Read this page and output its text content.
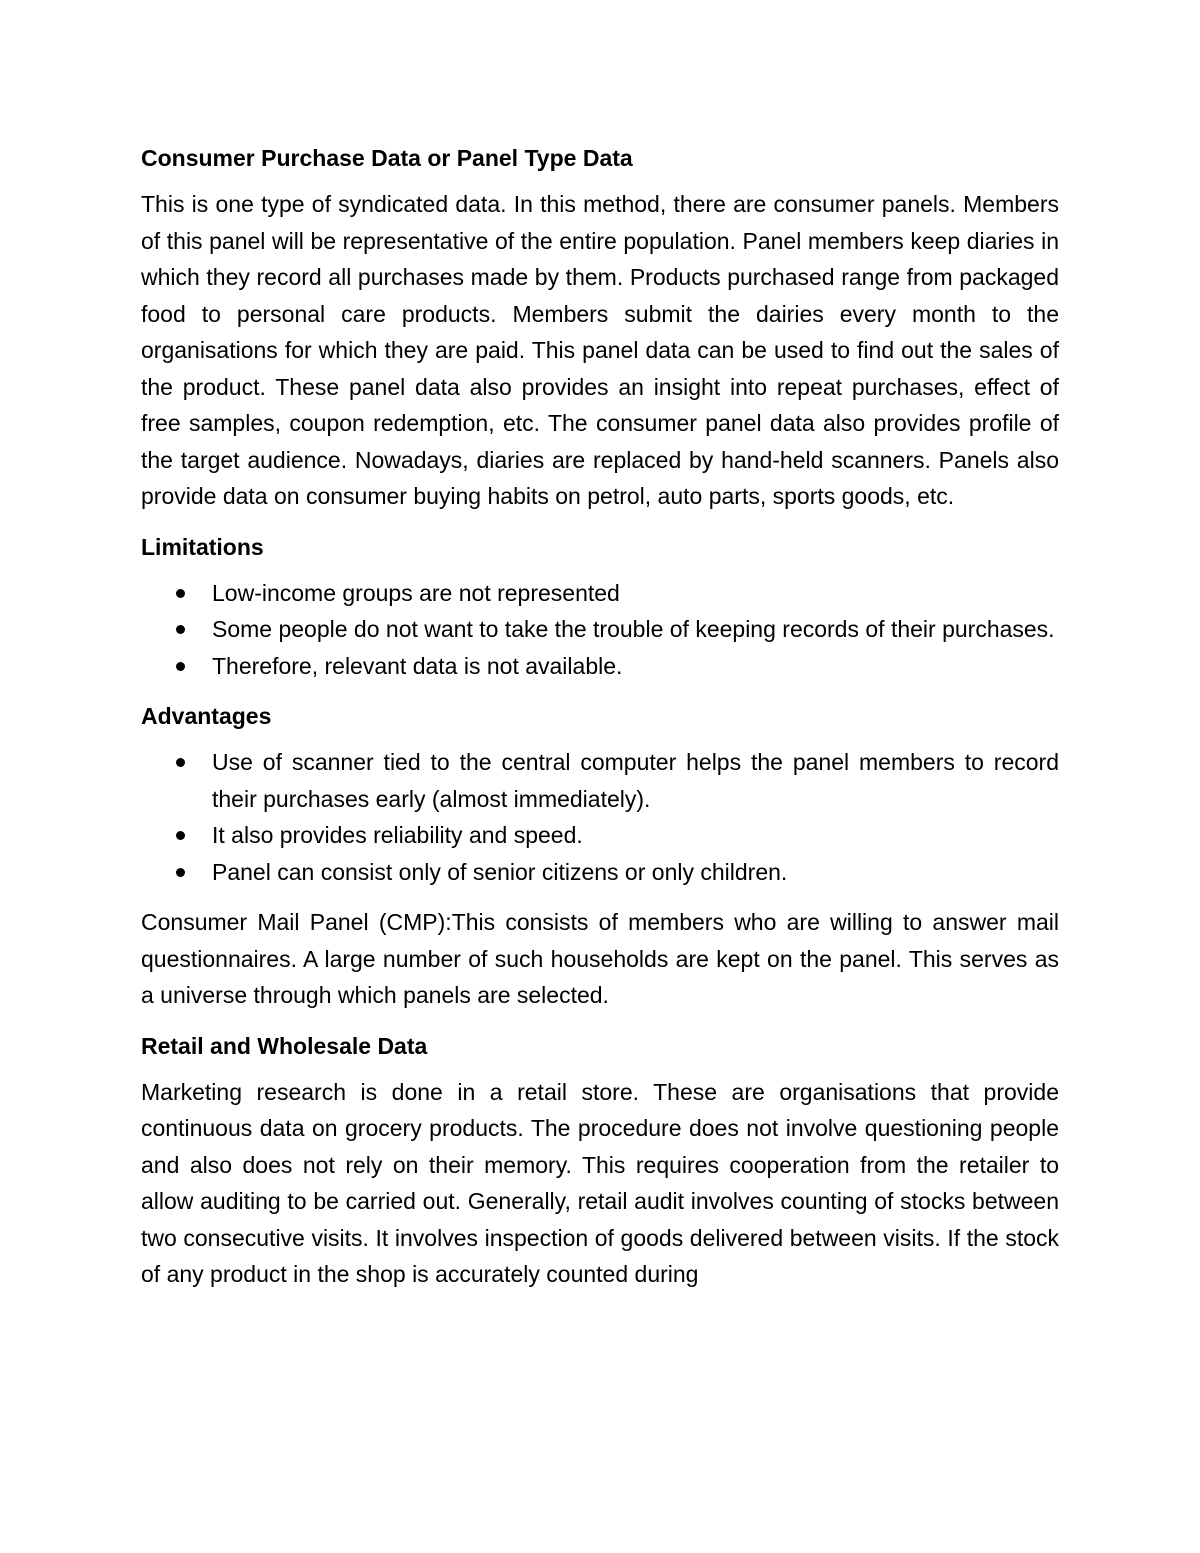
Consumer Purchase Data or Panel Type Data
This is one type of syndicated data. In this method, there are consumer panels. Members of this panel will be representative of the entire population. Panel members keep diaries in which they record all purchases made by them. Products purchased range from packaged food to personal care products. Members submit the dairies every month to the organisations for which they are paid. This panel data can be used to find out the sales of the product. These panel data also provides an insight into repeat purchases, effect of free samples, coupon redemption, etc. The consumer panel data also provides profile of the target audience. Nowadays, diaries are replaced by hand-held scanners. Panels also provide data on consumer buying habits on petrol, auto parts, sports goods, etc.
Limitations
Low-income groups are not represented
Some people do not want to take the trouble of keeping records of their purchases.
Therefore, relevant data is not available.
Advantages
Use of scanner tied to the central computer helps the panel members to record their purchases early (almost immediately).
It also provides reliability and speed.
Panel can consist only of senior citizens or only children.
Consumer Mail Panel (CMP):This consists of members who are willing to answer mail questionnaires. A large number of such households are kept on the panel. This serves as a universe through which panels are selected.
Retail and Wholesale Data
Marketing research is done in a retail store. These are organisations that provide continuous data on grocery products. The procedure does not involve questioning people and also does not rely on their memory. This requires cooperation from the retailer to allow auditing to be carried out. Generally, retail audit involves counting of stocks between two consecutive visits. It involves inspection of goods delivered between visits. If the stock of any product in the shop is accurately counted during
